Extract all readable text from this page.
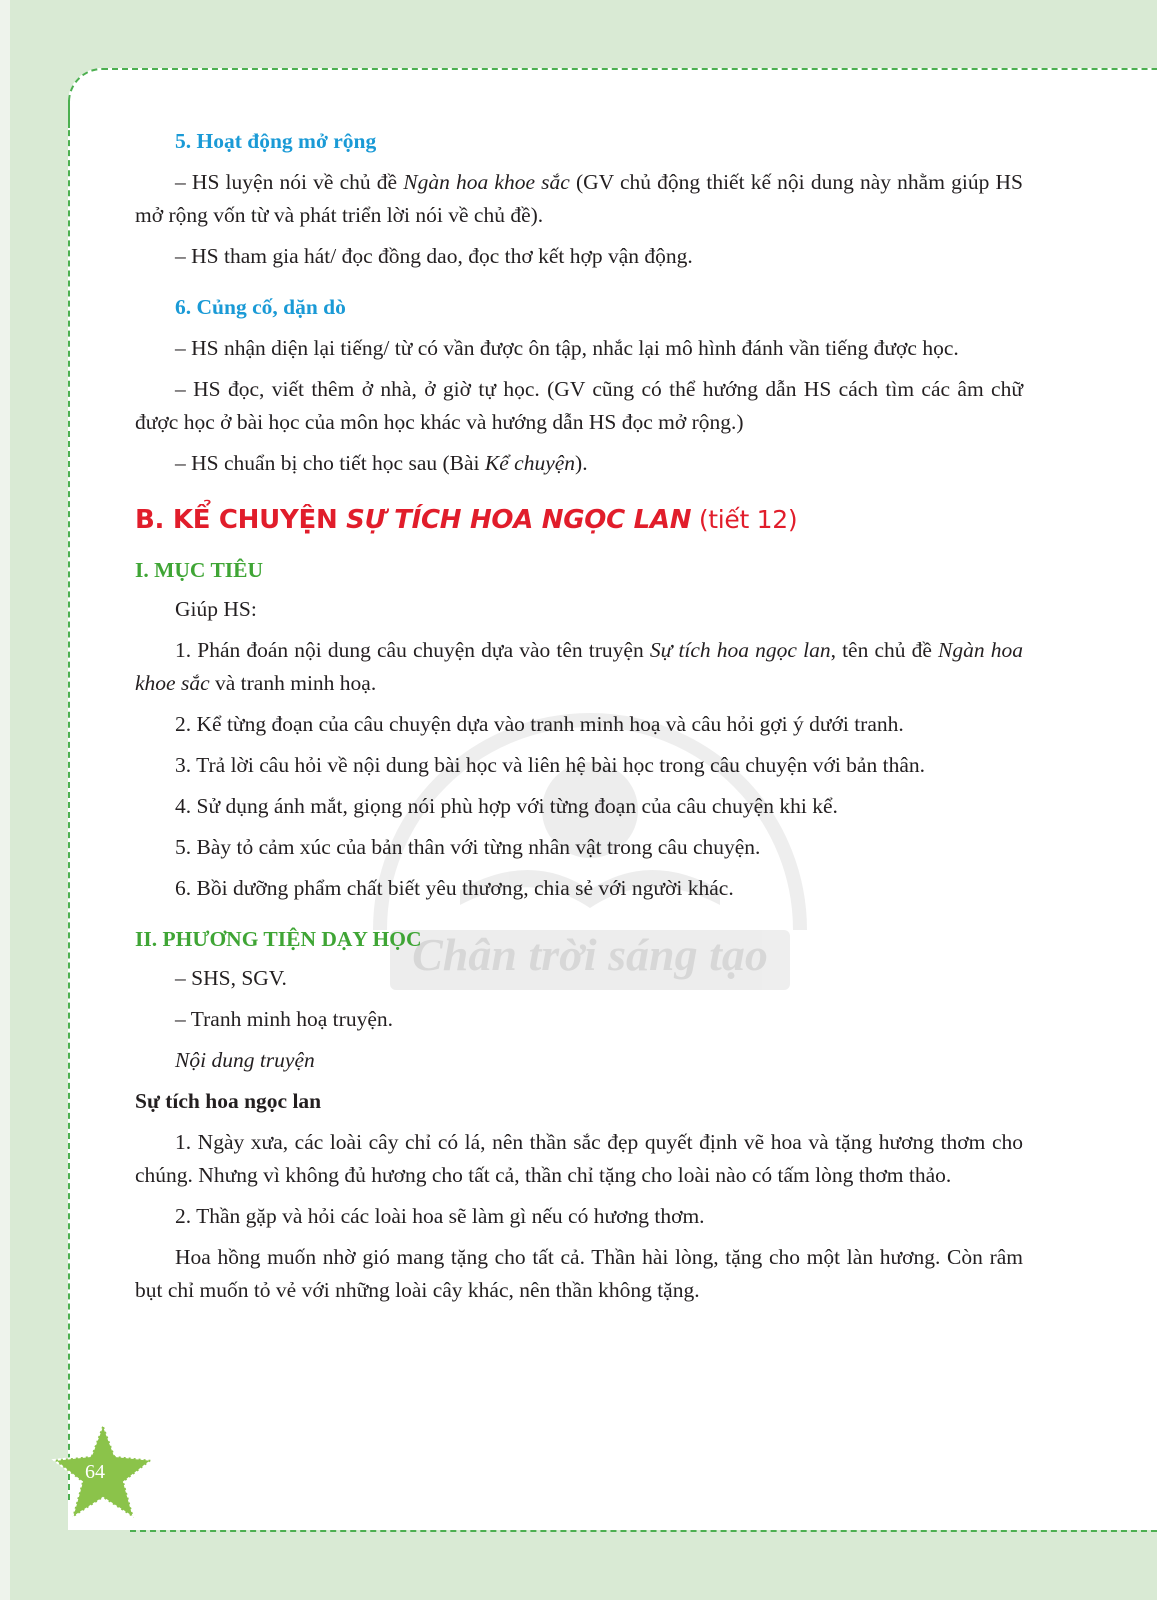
Chân trời sáng tạo
5. Hoạt động mở rộng

– HS luyện nói về chủ đề Ngàn hoa khoe sắc (GV chủ động thiết kế nội dung này nhằm giúp HS mở rộng vốn từ và phát triển lời nói về chủ đề).

– HS tham gia hát/ đọc đồng dao, đọc thơ kết hợp vận động.

6. Củng cố, dặn dò

– HS nhận diện lại tiếng/ từ có vần được ôn tập, nhắc lại mô hình đánh vần tiếng được học.

– HS đọc, viết thêm ở nhà, ở giờ tự học. (GV cũng có thể hướng dẫn HS cách tìm các âm chữ được học ở bài học của môn học khác và hướng dẫn HS đọc mở rộng.)

– HS chuẩn bị cho tiết học sau (Bài Kể chuyện).

B. KỂ CHUYỆN SỰ TÍCH HOA NGỌC LAN (tiết 12)
I. MỤC TIÊU

Giúp HS:

1. Phán đoán nội dung câu chuyện dựa vào tên truyện Sự tích hoa ngọc lan, tên chủ đề Ngàn hoa khoe sắc và tranh minh hoạ.

2. Kể từng đoạn của câu chuyện dựa vào tranh minh hoạ và câu hỏi gợi ý dưới tranh.

3. Trả lời câu hỏi về nội dung bài học và liên hệ bài học trong câu chuyện với bản thân.

4. Sử dụng ánh mắt, giọng nói phù hợp với từng đoạn của câu chuyện khi kể.

5. Bày tỏ cảm xúc của bản thân với từng nhân vật trong câu chuyện.

6. Bồi dưỡng phẩm chất biết yêu thương, chia sẻ với người khác.

II. PHƯƠNG TIỆN DẠY HỌC

– SHS, SGV.

– Tranh minh hoạ truyện.

Nội dung truyện

Sự tích hoa ngọc lan

1. Ngày xưa, các loài cây chỉ có lá, nên thần sắc đẹp quyết định vẽ hoa và tặng hương thơm cho chúng. Nhưng vì không đủ hương cho tất cả, thần chỉ tặng cho loài nào có tấm lòng thơm thảo.

2. Thần gặp và hỏi các loài hoa sẽ làm gì nếu có hương thơm.

Hoa hồng muốn nhờ gió mang tặng cho tất cả. Thần hài lòng, tặng cho một làn hương. Còn râm bụt chỉ muốn tỏ vẻ với những loài cây khác, nên thần không tặng.

64
